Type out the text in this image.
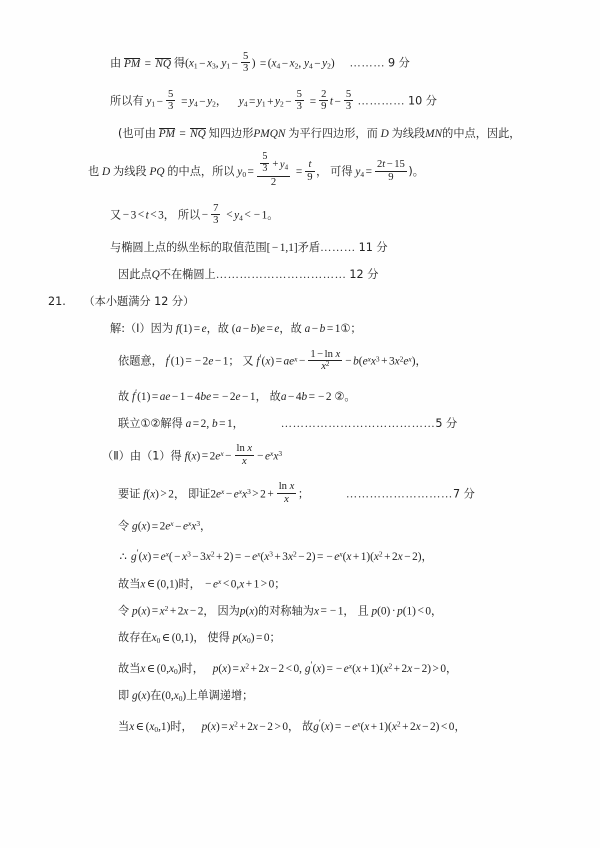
由 PM = NQ 得($x_1 - x_3$, $y_1 - \frac{5}{3}$ ) = ($x_4 - x_2$, $y_4 - y_2$) ……… 9 分
所以有 $y_1 - \frac{5}{3} = y_4 - y_2$， $y_4 = y_1 + y_2 - \frac{5}{3} = \frac{2}{9}$ $t - \frac{5}{3}$ ………… 10 分
(也可由 PM = NQ 知四边形PMQN 为平行四边形，而 D 为线段MN的中点，因此，
也 D 为线段 PQ 的中点，所以 $y_0 = \frac{\frac{5}{3} + y_4}{2} = \frac{t}{9}$ ， 可得 $y_4 = \frac{2t - 15}{9}$ )。
又 − 3 < t < 3， 所以 − $\frac{7}{3} < y_4$ < − 1。
与椭圆上点的纵坐标的取值范围[ − 1,1]矛盾……… 11 分
因此点Q不在椭圆上…………………………… 12 分
21. （本小题满分 12 分）
解:（Ⅰ）因为 f(1) = e，故 (a − b)e = e，故 a − b = 1①；
依题意， f′(1) = − 2e − 1； 又 $f'(x) = ae^x - \frac{\text{1 − ln x}}{x^2} - b(e^xx^3 + 3x^2e^x)$，
故 f′(1) = ae − 1 − 4be = − 2e − 1， 故a − 4b = − 2 ②。
联立①②解得 a = 2, b = 1，	…………………………………5 分
（Ⅱ）由（1）得 $f(x) = 2e^x - \frac{\text{ln x}}{x} - e^xx^3$
要证 f(x) > 2， 即证$2e^x - e^xx^3 > 2 + \frac{\text{ln x}}{x}$ ；	………………………7 分
令 $g(x) = 2e^x - e^xx^3$，
∴ $g'(x) = e^x( - x^3 - 3x^2 + 2)$ = − $e^x(x^3 + 3x^2 - 2)$ = − $e^x(x + 1)(x^2 + 2x - 2)$，
故当x ∈ (0,1)时， − $e^x < 0,x + 1 > 0$；
令 $p(x) = x^2 + 2x - 2$， 因为p(x)的对称轴为x = − 1， 且 p(0) · p(1) < 0，
故存在$x_0$ ∈ (0,1)， 使得 $p(x_0) = 0$；
故当x ∈ $(0,x_0)$时， $p(x) = x^2 + 2x - 2 < 0$, g′(x) = − $e^x(x + 1)(x^2 + 2x - 2) > 0$，
即 g(x)在$(0,x_0)$上单调递增；
当x ∈ $(x_0,1)$时， $p(x) = x^2 + 2x - 2 > 0$， 故g′(x) = − $e^x(x + 1)(x^2 + 2x - 2) < 0$，
